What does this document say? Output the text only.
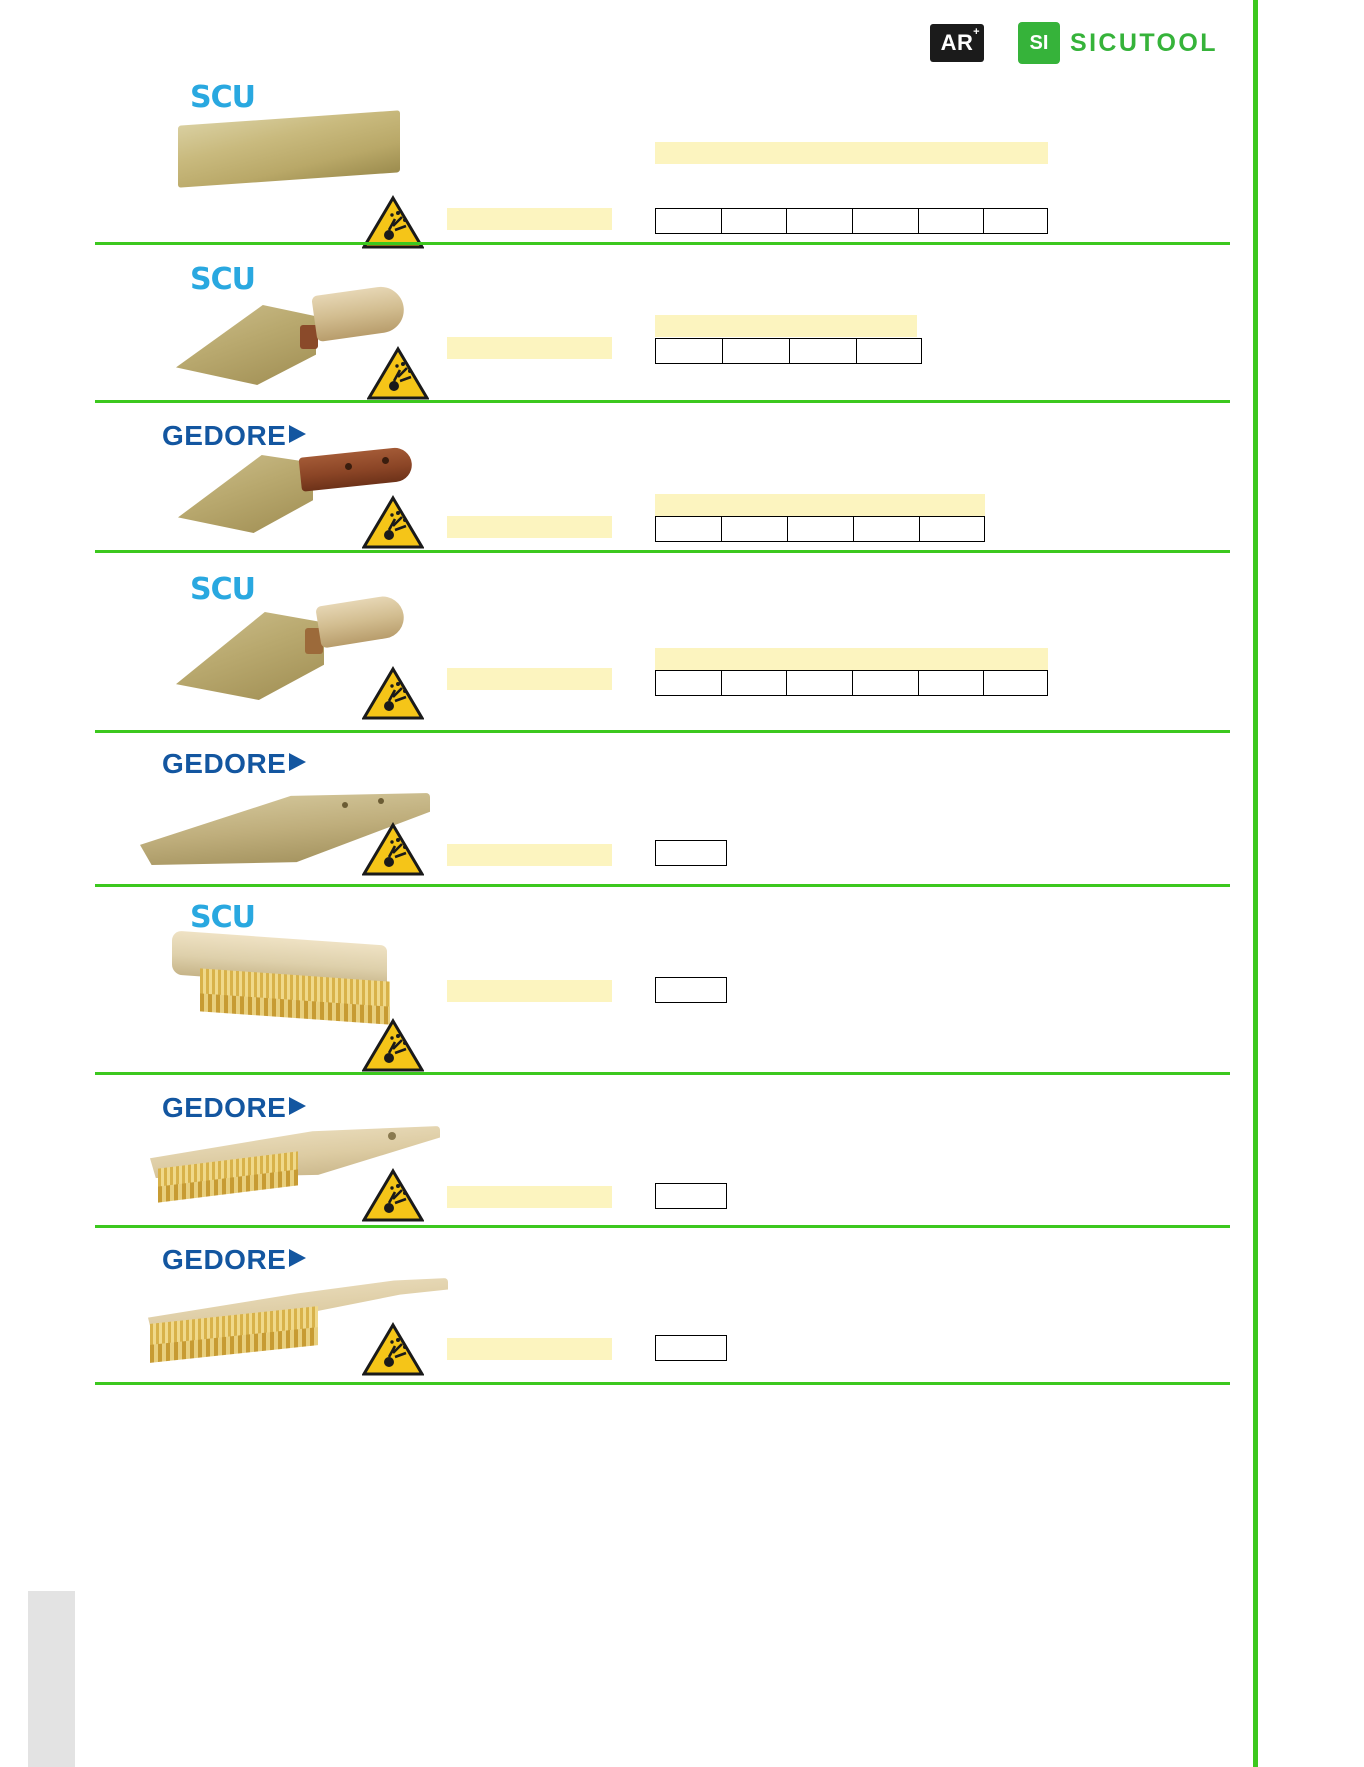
AR + SI SICUTOOL
SCU
SCU
GEDORE
SCU
GEDORE
SCU
GEDORE
GEDORE
